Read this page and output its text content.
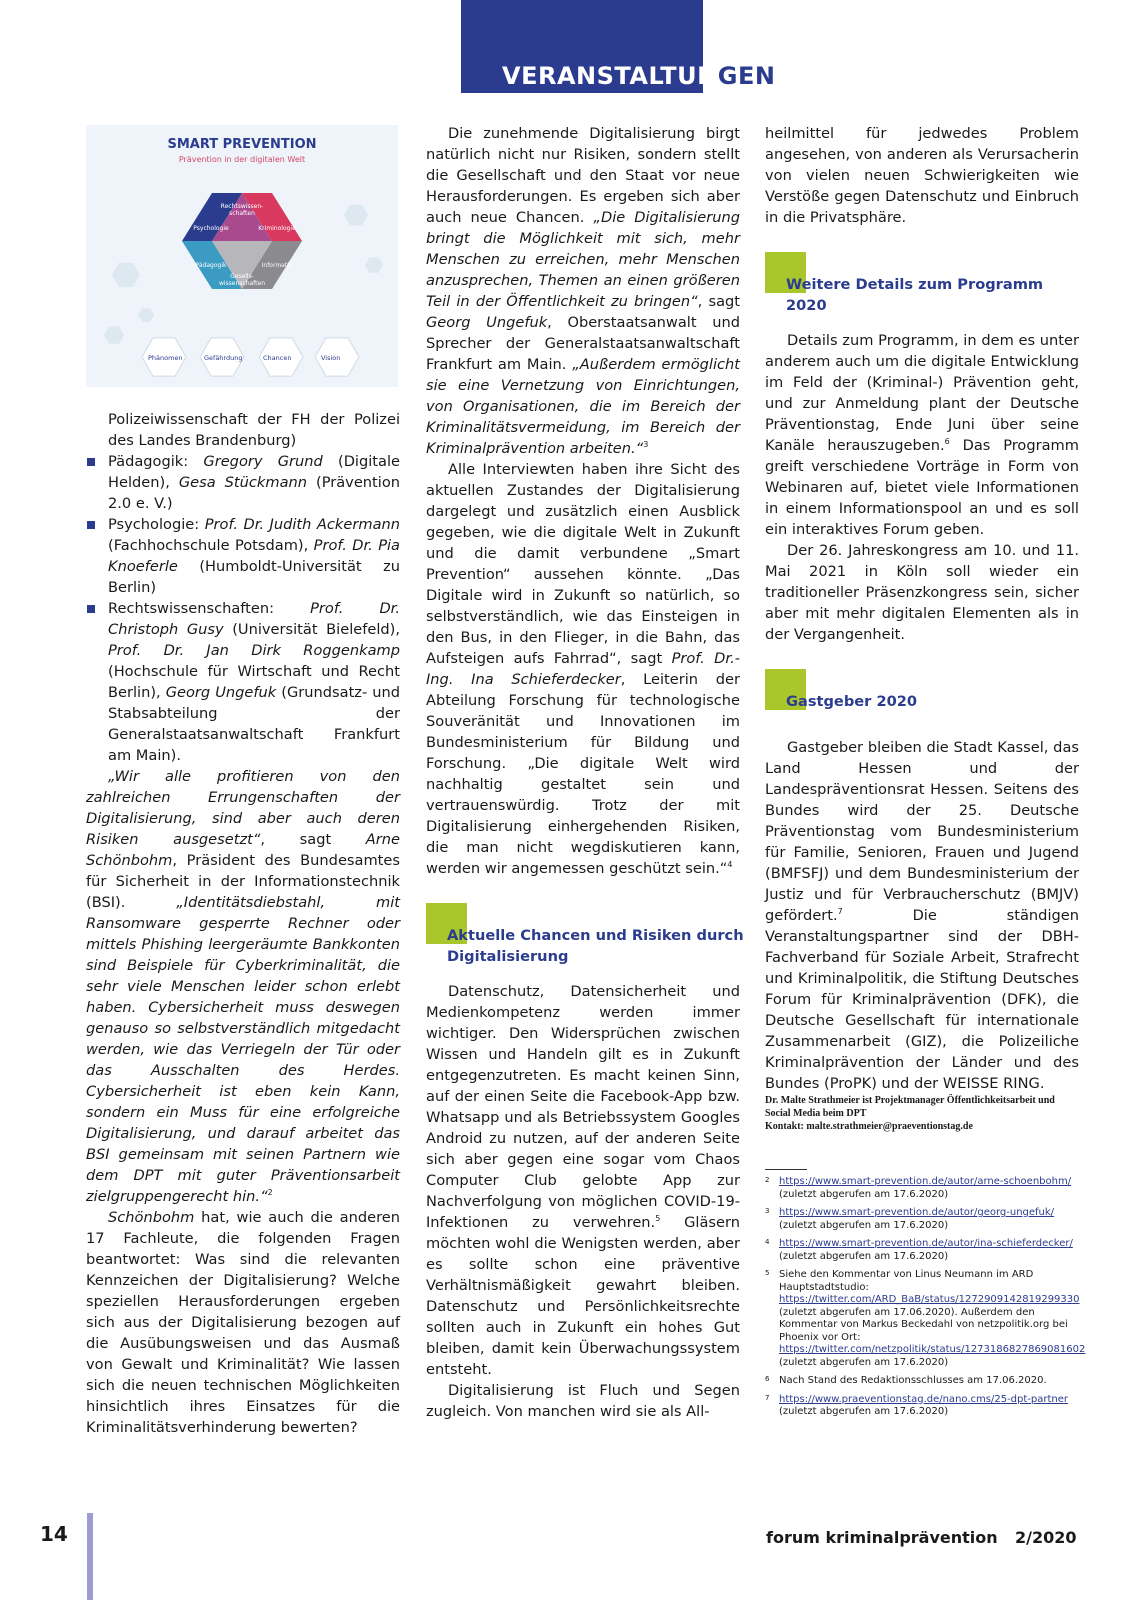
VERANSTALTUNGEN
SMART PREVENTION
Prävention in der digitalen Welt
Rechtswissen-schaften
Psychologie	Kriminologie
Pädagogik	Informatik
Gesells-wissenschaften
Phänomen	Gefährdung	Chancen	Vision

Polizeiwissenschaft der FH der Polizei des Landes Brandenburg)

Pädagogik: Gregory Grund (Digitale Helden), Gesa Stückmann (Prävention 2.0 e. V.)
Psychologie: Prof. Dr. Judith Ackermann (Fachhochschule Potsdam), Prof. Dr. Pia Knoeferle (Humboldt-Universität zu Berlin)
Rechtswissenschaften: Prof. Dr. Christoph Gusy (Universität Bielefeld), Prof. Dr. Jan Dirk Roggenkamp (Hochschule für Wirtschaft und Recht Berlin), Georg Ungefuk (Grundsatz- und Stabsabteilung der Generalstaatsanwaltschaft Frankfurt am Main).

„Wir alle profitieren von den zahlreichen Errungenschaften der Digitalisierung, sind aber auch deren Risiken ausgesetzt“, sagt Arne Schönbohm, Präsident des Bundesamtes für Sicherheit in der Informationstechnik (BSI). „Identitätsdiebstahl, mit Ransomware gesperrte Rechner oder mittels Phishing leergeräumte Bankkonten sind Beispiele für Cyberkriminalität, die sehr viele Menschen leider schon erlebt haben. Cybersicherheit muss deswegen genauso so selbstverständlich mitgedacht werden, wie das Verriegeln der Tür oder das Ausschalten des Herdes. Cybersicherheit ist eben kein Kann, sondern ein Muss für eine erfolgreiche Digitalisierung, und darauf arbeitet das BSI gemeinsam mit seinen Partnern wie dem DPT mit guter Präventionsarbeit zielgruppengerecht hin.“$^2$

Schönbohm hat, wie auch die anderen 17 Fachleute, die folgenden Fragen beantwortet: Was sind die relevanten Kennzeichen der Digitalisierung? Welche speziellen Herausforderungen ergeben sich aus der Digitalisierung bezogen auf die Ausübungsweisen und das Ausmaß von Gewalt und Kriminalität? Wie lassen sich die neuen technischen Möglichkeiten hinsichtlich ihres Einsatzes für die Kriminalitätsverhinderung bewerten?

Die zunehmende Digitalisierung birgt natürlich nicht nur Risiken, sondern stellt die Gesellschaft und den Staat vor neue Herausforderungen. Es ergeben sich aber auch neue Chancen. „Die Digitalisierung bringt die Möglichkeit mit sich, mehr Menschen zu erreichen, mehr Menschen anzusprechen, Themen an einen größeren Teil in der Öffentlichkeit zu bringen“, sagt Georg Ungefuk, Oberstaatsanwalt und Sprecher der Generalstaatsanwaltschaft Frankfurt am Main. „Außerdem ermöglicht sie eine Vernetzung von Einrichtungen, von Organisationen, die im Bereich der Kriminalitätsvermeidung, im Bereich der Kriminalprävention arbeiten.“$^3$

Alle Interviewten haben ihre Sicht des aktuellen Zustandes der Digitalisierung dargelegt und zusätzlich einen Ausblick gegeben, wie die digitale Welt in Zukunft und die damit verbundene „Smart Prevention“ aussehen könnte. „Das Digitale wird in Zukunft so natürlich, so selbstverständlich, wie das Einsteigen in den Bus, in den Flieger, in die Bahn, das Aufsteigen aufs Fahrrad“, sagt Prof. Dr.-Ing. Ina Schieferdecker, Leiterin der Abteilung Forschung für technologische Souveränität und Innovationen im Bundesministerium für Bildung und Forschung. „Die digitale Welt wird nachhaltig gestaltet sein und vertrauenswürdig. Trotz der mit Digitalisierung einhergehenden Risiken, die man nicht wegdiskutieren kann, werden wir angemessen geschützt sein.“$^4$

Aktuelle Chancen und Risiken durch Digitalisierung

Datenschutz, Datensicherheit und Medienkompetenz werden immer wichtiger. Den Widersprüchen zwischen Wissen und Handeln gilt es in Zukunft entgegenzutreten. Es macht keinen Sinn, auf der einen Seite die Facebook-App bzw. Whatsapp und als Betriebssystem Googles Android zu nutzen, auf der anderen Seite sich aber gegen eine sogar vom Chaos Computer Club gelobte App zur Nachverfolgung von möglichen COVID-19-Infektionen zu verwehren.$^5$ Gläsern möchten wohl die Wenigsten werden, aber es sollte schon eine präventive Verhältnismäßigkeit gewahrt bleiben. Datenschutz und Persönlichkeitsrechte sollten auch in Zukunft ein hohes Gut bleiben, damit kein Überwachungssystem entsteht.

Digitalisierung ist Fluch und Segen zugleich. Von manchen wird sie als All-

heilmittel für jedwedes Problem angesehen, von anderen als Verursacherin von vielen neuen Schwierigkeiten wie Verstöße gegen Datenschutz und Einbruch in die Privatsphäre.

Weitere Details zum Programm 2020

Details zum Programm, in dem es unter anderem auch um die digitale Entwicklung im Feld der (Kriminal-) Prävention geht, und zur Anmeldung plant der Deutsche Präventionstag, Ende Juni über seine Kanäle herauszugeben.$^6$ Das Programm greift verschiedene Vorträge in Form von Webinaren auf, bietet viele Informationen in einem Informationspool an und es soll ein interaktives Forum geben.

Der 26. Jahreskongress am 10. und 11. Mai 2021 in Köln soll wieder ein traditioneller Präsenzkongress sein, sicher aber mit mehr digitalen Elementen als in der Vergangenheit.

Gastgeber 2020

Gastgeber bleiben die Stadt Kassel, das Land Hessen und der Landespräventionsrat Hessen. Seitens des Bundes wird der 25. Deutsche Präventionstag vom Bundesministerium für Familie, Senioren, Frauen und Jugend (BMFSFJ) und dem Bundesministerium der Justiz und für Verbraucherschutz (BMJV) gefördert.$^7$ Die ständigen Veranstaltungspartner sind der DBH-Fachverband für Soziale Arbeit, Strafrecht und Kriminalpolitik, die Stiftung Deutsches Forum für Kriminalprävention (DFK), die Deutsche Gesellschaft für internationale Zusammenarbeit (GIZ), die Polizeiliche Kriminalprävention der Länder und des Bundes (ProPK) und der WEISSE RING.

Dr. Malte Strathmeier ist Projektmanager Öffentlichkeitsarbeit und Social Media beim DPT

Kontakt: malte.strathmeier@praeventionstag.de

2 https://www.smart-prevention.de/autor/arne-schoenbohm/ (zuletzt abgerufen am 17.6.2020)
3 https://www.smart-prevention.de/autor/georg-ungefuk/ (zuletzt abgerufen am 17.6.2020)
4 https://www.smart-prevention.de/autor/ina-schieferdecker/ (zuletzt abgerufen am 17.6.2020)
5 Siehe den Kommentar von Linus Neumann im ARD Hauptstadtstudio: https://twitter.com/ARD_BaB/status/1272909142819299330 (zuletzt abgerufen am 17.06.2020). Außerdem den Kommentar von Markus Beckedahl von netzpolitik.org bei Phoenix vor Ort: https://twitter.com/netzpolitik/status/1273186827869081602 (zuletzt abgerufen am 17.6.2020)
6 Nach Stand des Redaktionsschlusses am 17.06.2020.
7 https://www.praeventionstag.de/nano.cms/25-dpt-partner (zuletzt abgerufen am 17.6.2020)
14	forum kriminalprävention 2/2020
